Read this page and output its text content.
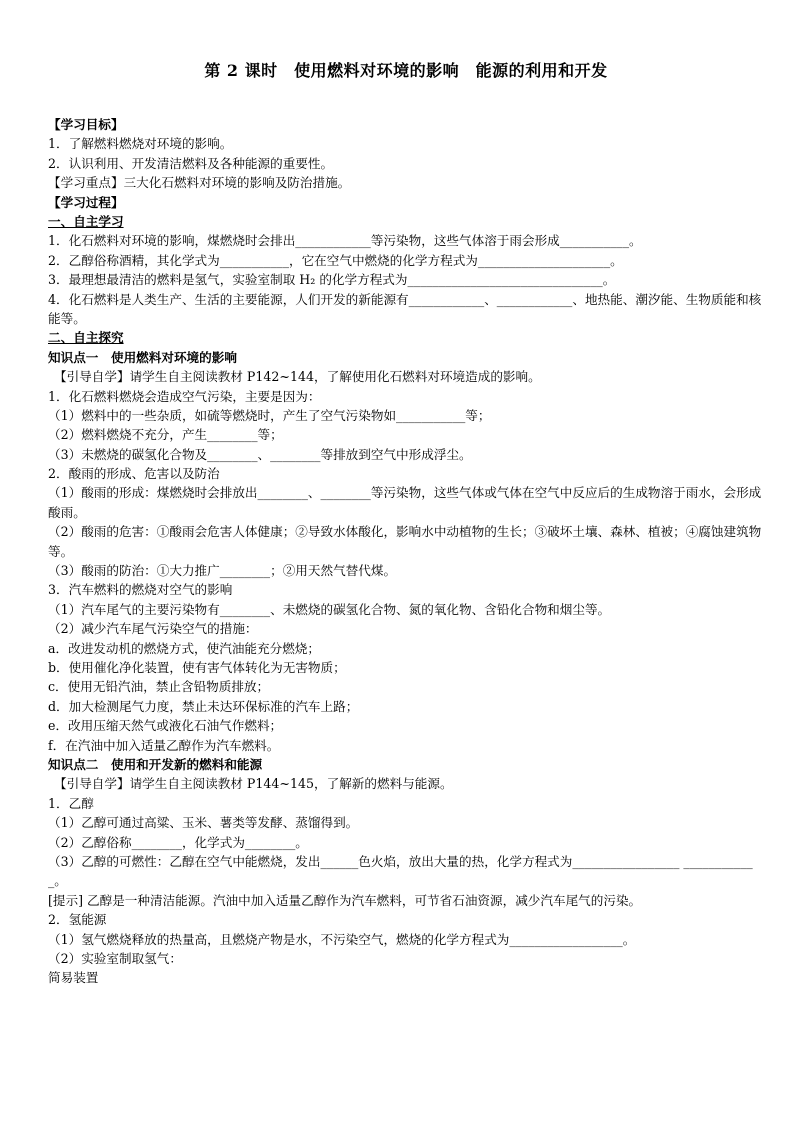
第 2 课时　使用燃料对环境的影响　能源的利用和开发
【学习目标】
1．了解燃料燃烧对环境的影响。
2．认识利用、开发清洁燃料及各种能源的重要性。
【学习重点】三大化石燃料对环境的影响及防治措施。
【学习过程】
一、自主学习
1．化石燃料对环境的影响，煤燃烧时会排出____________等污染物，这些气体溶于雨会形成___________。
2．乙醇俗称酒精，其化学式为___________，它在空气中燃烧的化学方程式为_____________________。
3．最理想最清洁的燃料是氢气，实验室制取 H₂ 的化学方程式为_______________________________。
4．化石燃料是人类生产、生活的主要能源，人们开发的新能源有____________、____________、地热能、潮汐能、生物质能和核能等。
二、自主探究
知识点一　使用燃料对环境的影响
【引导自学】请学生自主阅读教材 P142~144，了解使用化石燃料对环境造成的影响。
1．化石燃料燃烧会造成空气污染，主要是因为：
（1）燃料中的一些杂质，如硫等燃烧时，产生了空气污染物如___________等；
（2）燃料燃烧不充分，产生________等；
（3）未燃烧的碳氢化合物及________、________等排放到空气中形成浮尘。
2．酸雨的形成、危害以及防治
（1）酸雨的形成：煤燃烧时会排放出________、________等污染物，这些气体或气体在空气中反应后的生成物溶于雨水，会形成酸雨。
（2）酸雨的危害：①酸雨会危害人体健康；②导致水体酸化，影响水中动植物的生长；③破坏土壤、森林、植被；④腐蚀建筑物等。
（3）酸雨的防治：①大力推广________；②用天然气替代煤。
3．汽车燃料的燃烧对空气的影响
（1）汽车尾气的主要污染物有________、未燃烧的碳氢化合物、氮的氧化物、含铅化合物和烟尘等。
（2）减少汽车尾气污染空气的措施：
a．改进发动机的燃烧方式，使汽油能充分燃烧；
b．使用催化净化装置，使有害气体转化为无害物质；
c．使用无铅汽油，禁止含铅物质排放；
d．加大检测尾气力度，禁止未达环保标准的汽车上路；
e．改用压缩天然气或液化石油气作燃料；
f．在汽油中加入适量乙醇作为汽车燃料。
知识点二　使用和开发新的燃料和能源
【引导自学】请学生自主阅读教材 P144~145，了解新的燃料与能源。
1．乙醇
（1）乙醇可通过高粱、玉米、薯类等发酵、蒸馏得到。
（2）乙醇俗称________，化学式为________。
（3）乙醇的可燃性：乙醇在空气中能燃烧，发出______色火焰，放出大量的热，化学方程式为_________________ ____________。
[提示] 乙醇是一种清洁能源。汽油中加入适量乙醇作为汽车燃料，可节省石油资源，减少汽车尾气的污染。
2．氢能源
（1）氢气燃烧释放的热量高，且燃烧产物是水，不污染空气，燃烧的化学方程式为__________________。
（2）实验室制取氢气：
简易装置
